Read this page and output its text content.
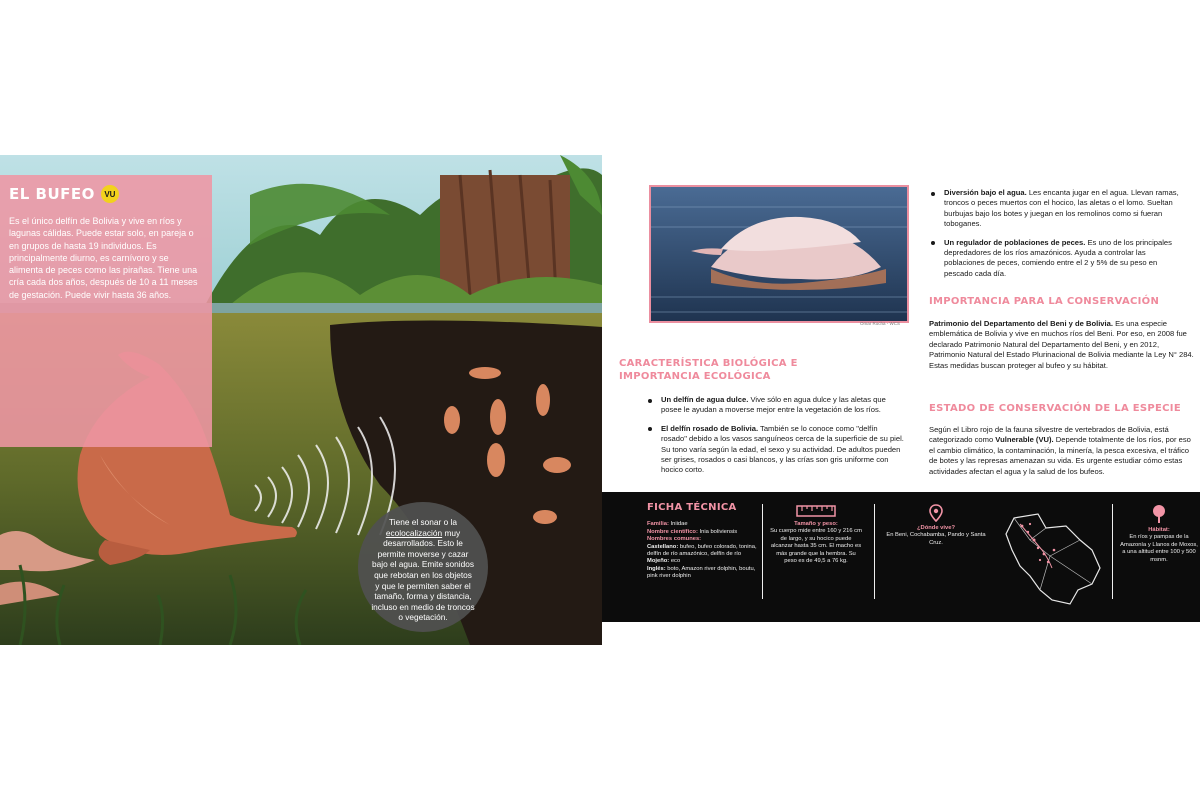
EL BUFEO	VU

Es el único delfín de Bolivia y vive en ríos y lagunas cálidas. Puede estar solo, en pareja o en grupos de hasta 19 individuos. Es principalmente diurno, es carnívoro y se alimenta de peces como las pirañas. Tiene una cría cada dos años, después de 10 a 11 meses de gestación. Puede vivir hasta 36 años.

Tiene el sonar o la ecolocalización muy desarrollados. Esto le permite moverse y cazar bajo el agua. Emite sonidos que rebotan en los objetos y que le permiten saber el tamaño, forma y distancia, incluso en medio de troncos o vegetación.

Omar Rocha - WCS
CARACTERÍSTICA BIOLÓGICA E IMPORTANCIA ECOLÓGICA

Un delfín de agua dulce. Vive sólo en agua dulce y las aletas que posee le ayudan a moverse mejor entre la vegetación de los ríos.

El delfín rosado de Bolivia. También se lo conoce como "delfín rosado" debido a los vasos sanguíneos cerca de la superficie de su piel. Su tono varía según la edad, el sexo y su actividad. De adultos pueden ser grises, rosados o casi blancos, y las crías son gris uniforme con hocico corto.

Diversión bajo el agua. Les encanta jugar en el agua. Llevan ramas, troncos o peces muertos con el hocico, las aletas o el lomo. Sueltan burbujas bajo los botes y juegan en los remolinos como si fueran toboganes.

Un regulador de poblaciones de peces. Es uno de los principales depredadores de los ríos amazónicos. Ayuda a controlar las poblaciones de peces, comiendo entre el 2 y 5% de su peso en pescado cada día.

IMPORTANCIA PARA LA CONSERVACIÓN

Patrimonio del Departamento del Beni y de Bolivia. Es una especie emblemática de Bolivia y vive en muchos ríos del Beni. Por eso, en 2008 fue declarado Patrimonio Natural del Departamento del Beni, y en 2012, Patrimonio Natural del Estado Plurinacional de Bolivia mediante la Ley N° 284. Estas medidas buscan proteger al bufeo y su hábitat.

ESTADO DE CONSERVACIÓN DE LA ESPECIE

Según el Libro rojo de la fauna silvestre de vertebrados de Bolivia, está categorizado como Vulnerable (VU). Depende totalmente de los ríos, por eso el cambio climático, la contaminación, la minería, la pesca excesiva, el tráfico de botes y las represas amenazan su vida. Es urgente estudiar cómo estas actividades afectan el agua y la salud de los bufeos.

FICHA TÉCNICA
Familia: Iniidae
Nombre científico: Inia boliviensis
Nombres comunes:
Castellano: bufeo, bufeo colorado, tonina, delfín de río amazónico, delfín de río
Mojeño: eco
Inglés: boto, Amazon river dolphin, boutu, pink river dolphin
Tamaño y peso:
Su cuerpo mide entre 160 y 216 cm de largo, y su hocico puede alcanzar hasta 35 cm. El macho es más grande que la hembra. Su peso es de 49,5 a 76 kg.
¿Dónde vive?
En Beni, Cochabamba, Pando y Santa Cruz.
Hábitat:
En ríos y pampas de la Amazonía y Llanos de Moxos, a una altitud entre 100 y 500 msnm.
